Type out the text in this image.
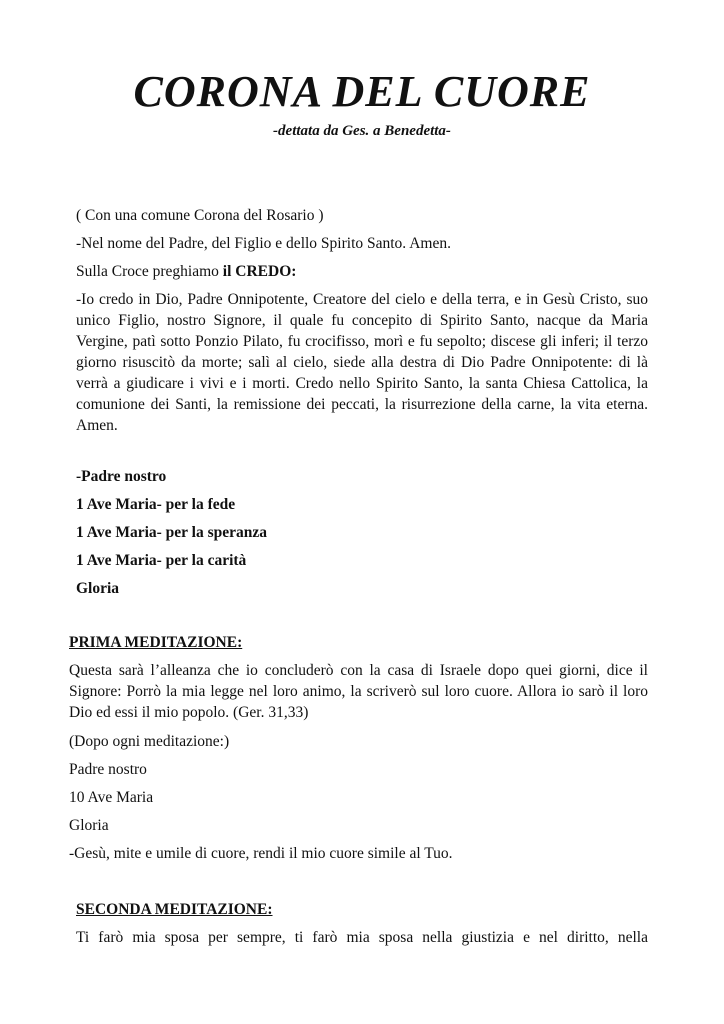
CORONA DEL CUORE
-dettata da Ges. a Benedetta-

( Con una comune Corona del Rosario )

-Nel nome del Padre, del Figlio e dello Spirito Santo. Amen.

Sulla Croce preghiamo il CREDO:

-Io credo in Dio, Padre Onnipotente, Creatore del cielo e della terra, e in Gesù Cristo, suo unico Figlio, nostro Signore, il quale fu concepito di Spirito Santo, nacque da Maria Vergine, patì sotto Ponzio Pilato, fu crocifisso, morì e fu sepolto; discese gli inferi; il terzo giorno risuscitò da morte; salì al cielo, siede alla destra di Dio Padre Onnipotente: di là verrà a giudicare i vivi e i morti. Credo nello Spirito Santo, la santa Chiesa Cattolica, la comunione dei Santi, la remissione dei peccati, la risurrezione della carne, la vita eterna. Amen.

-Padre nostro

1 Ave Maria- per la fede

1 Ave Maria- per la speranza

1 Ave Maria- per la carità

Gloria

PRIMA MEDITAZIONE:

Questa sarà l’alleanza che io concluderò con la casa di Israele dopo quei giorni, dice il Signore: Porrò la mia legge nel loro animo, la scriverò sul loro cuore. Allora io sarò il loro Dio ed essi il mio popolo. (Ger. 31,33)

(Dopo ogni meditazione:)

Padre nostro

10 Ave Maria

Gloria

-Gesù, mite e umile di cuore, rendi il mio cuore simile al Tuo.

SECONDA MEDITAZIONE:

Ti farò mia sposa per sempre, ti farò mia sposa nella giustizia e nel diritto, nella
